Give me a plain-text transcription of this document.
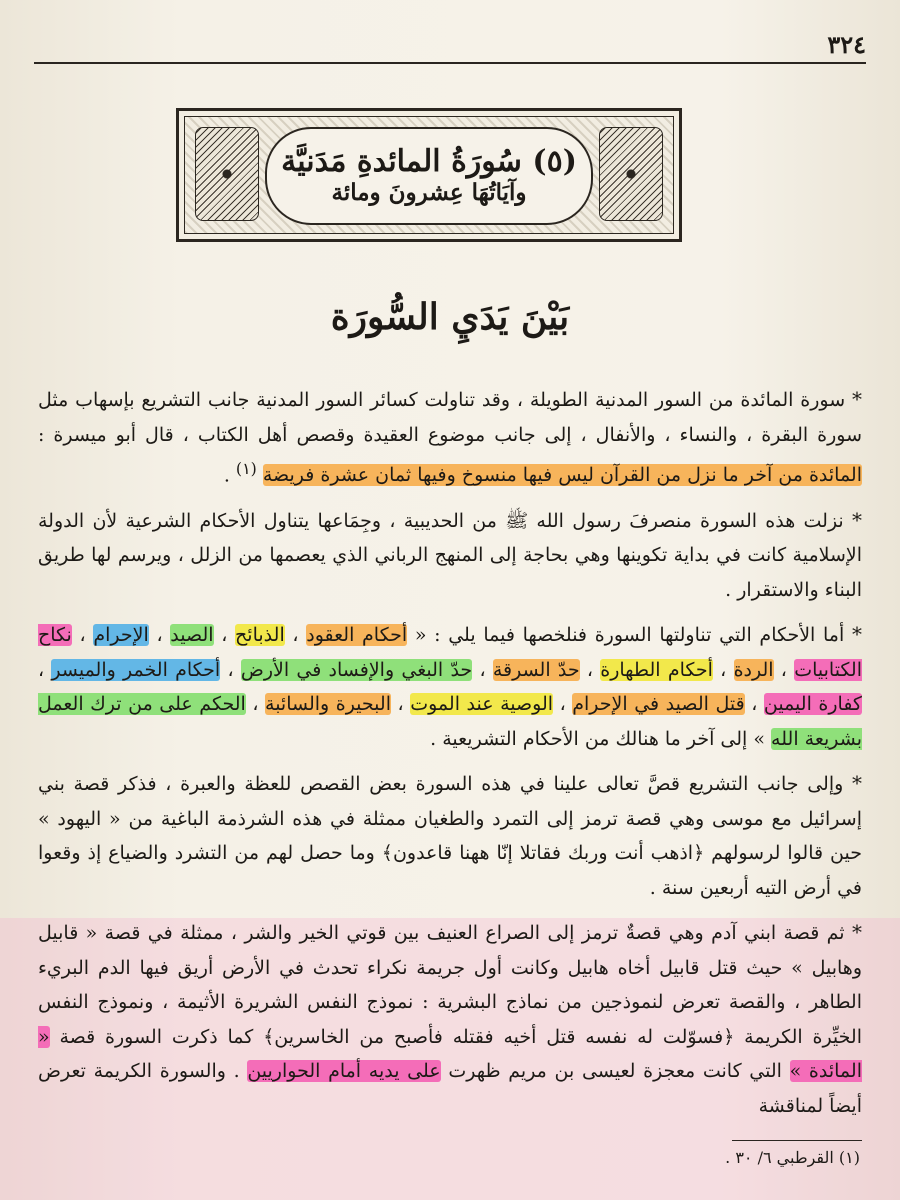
٣٢٤
(٥) سُورَةُ المائدةِ مَدَنيَّة
وآيَاتُهَا عِشرونَ ومائة
بَيْنَ يَدَيِ السُّورَة

* سورة المائدة من السور المدنية الطويلة ، وقد تناولت كسائر السور المدنية جانب التشريع بإسهاب مثل سورة البقرة ، والنساء ، والأنفال ، إلى جانب موضوع العقيدة وقصص أهل الكتاب ، قال أبو ميسرة : المائدة من آخر ما نزل من القرآن ليس فيها منسوخ وفيها ثمان عشرة فريضة $^{(١)}$ .

* نزلت هذه السورة منصرفَ رسول الله ﷺ من الحديبية ، وجِمَاعها يتناول الأحكام الشرعية لأن الدولة الإسلامية كانت في بداية تكوينها وهي بحاجة إلى المنهج الرباني الذي يعصمها من الزلل ، ويرسم لها طريق البناء والاستقرار .

* أما الأحكام التي تناولتها السورة فنلخصها فيما يلي : « أحكام العقود ، الذبائح ، الصيد ، الإحرام ، نكاح الكتابيات ، الردة ، أحكام الطهارة ، حدّ السرقة ، حدّ البغي والإفساد في الأرض ، أحكام الخمر والميسر ، كفارة اليمين ، قتل الصيد في الإحرام ، الوصية عند الموت ، البحيرة والسائبة ، الحكم على من ترك العمل بشريعة الله » إلى آخر ما هنالك من الأحكام التشريعية .

* وإلى جانب التشريع قصَّ تعالى علينا في هذه السورة بعض القصص للعظة والعبرة ، فذكر قصة بني إسرائيل مع موسى وهي قصة ترمز إلى التمرد والطغيان ممثلة في هذه الشرذمة الباغية من « اليهود » حين قالوا لرسولهم ﴿اذهب أنت وربك فقاتلا إنّا ههنا قاعدون﴾ وما حصل لهم من التشرد والضياع إذ وقعوا في أرض التيه أربعين سنة .

* ثم قصة ابني آدم وهي قصةٌ ترمز إلى الصراع العنيف بين قوتي الخير والشر ، ممثلة في قصة « قابيل وهابيل » حيث قتل قابيل أخاه هابيل وكانت أول جريمة نكراء تحدث في الأرض أريق فيها الدم البريء الطاهر ، والقصة تعرض لنموذجين من نماذج البشرية : نموذج النفس الشريرة الأثيمة ، ونموذج النفس الخيِّرة الكريمة ﴿فسوّلت له نفسه قتل أخيه فقتله فأصبح من الخاسرين﴾ كما ذكرت السورة قصة « المائدة » التي كانت معجزة لعيسى بن مريم ظهرت على يديه أمام الحواريين . والسورة الكريمة تعرض أيضاً لمناقشة

(١) القرطبي ٦/ ٣٠ .
